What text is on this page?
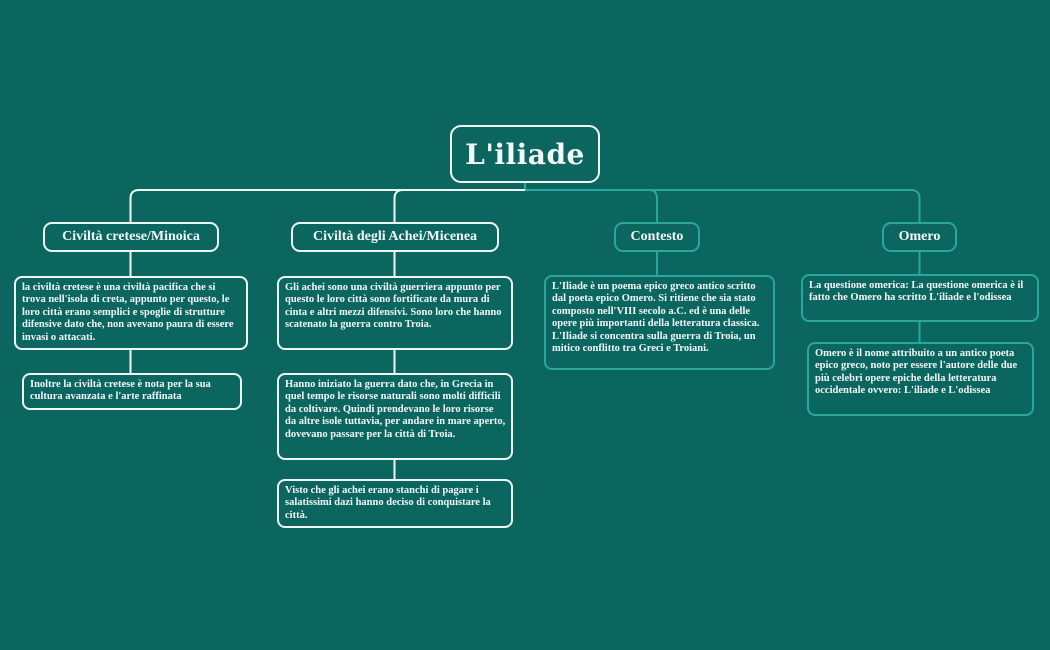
L'iliade
Civiltà cretese/Minoica	Civiltà degli Achei/Micenea	Contesto	Omero
la civiltà cretese è una civiltà pacifica che si trova nell'isola di creta, appunto per questo, le loro città erano semplici e spoglie di strutture difensive dato che, non avevano paura di essere invasi o attacati.
Inoltre la civiltà cretese è nota per la sua cultura avanzata e l'arte raffinata
Gli achei sono una civiltà guerriera appunto per questo le loro città sono fortificate da mura di cinta e altri mezzi difensivi. Sono loro che hanno scatenato la guerra contro Troia.
Hanno iniziato la guerra dato che, in Grecia in quel tempo le risorse naturali sono molti difficili da coltivare. Quindi prendevano le loro risorse da altre isole tuttavia, per andare in mare aperto, dovevano passare per la città di Troia.
Visto che gli achei erano stanchi di pagare i salatissimi dazi hanno deciso di conquistare la città.
L'Iliade è un poema epico greco antico scritto dal poeta epico Omero. Si ritiene che sia stato composto nell'VIII secolo a.C. ed è una delle opere più importanti della letteratura classica. L'Iliade si concentra sulla guerra di Troia, un mitico conflitto tra Greci e Troiani.
La questione omerica: La questione omerica è il fatto che Omero ha scritto L'iliade e l'odissea
Omero è il nome attribuito a un antico poeta epico greco, noto per essere l'autore delle due più celebri opere epiche della letteratura occidentale ovvero: L'iliade e L'odissea
